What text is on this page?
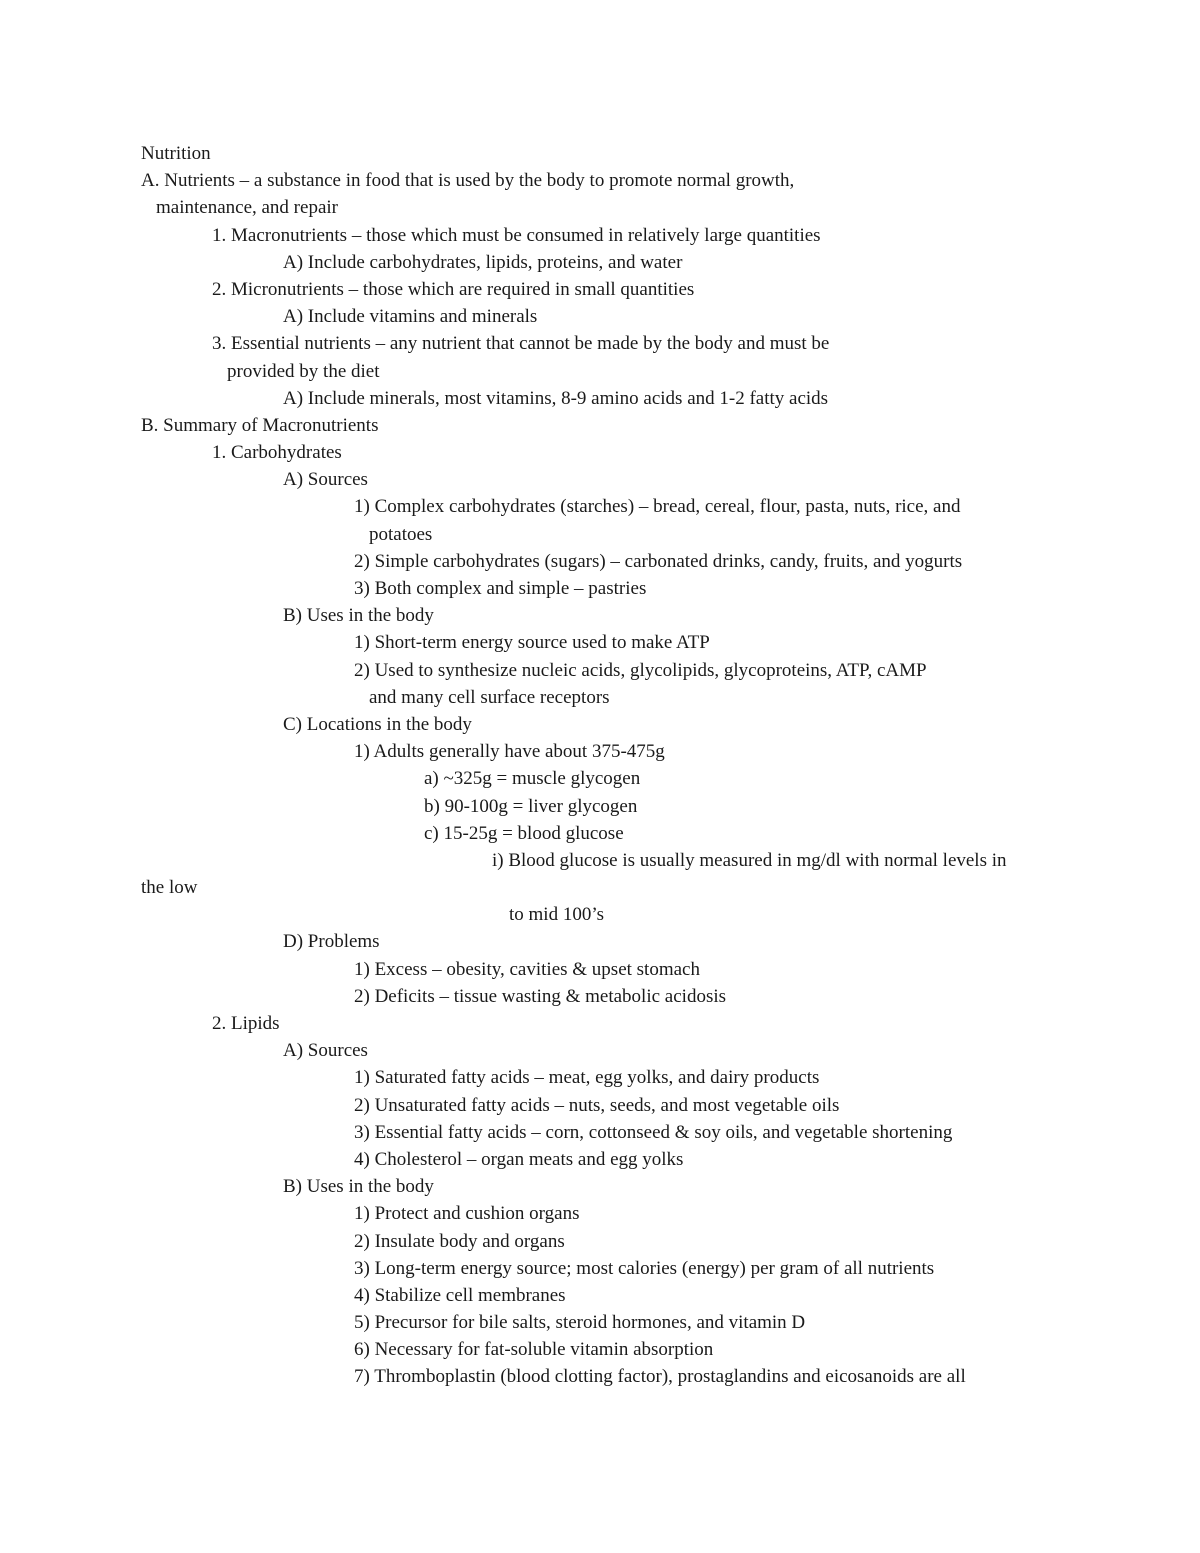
Nutrition
A. Nutrients – a substance in food that is used by the body to promote normal growth,
maintenance, and repair
1. Macronutrients – those which must be consumed in relatively large quantities
A) Include carbohydrates, lipids, proteins, and water
2. Micronutrients – those which are required in small quantities
A) Include vitamins and minerals
3. Essential nutrients – any nutrient that cannot be made by the body and must be
provided by the diet
A) Include minerals, most vitamins, 8-9 amino acids and 1-2 fatty acids
B. Summary of Macronutrients
1. Carbohydrates
A) Sources
1) Complex carbohydrates (starches) – bread, cereal, flour, pasta, nuts, rice, and
potatoes
2) Simple carbohydrates (sugars) – carbonated drinks, candy, fruits, and yogurts
3) Both complex and simple – pastries
B) Uses in the body
1) Short-term energy source used to make ATP
2) Used to synthesize nucleic acids, glycolipids, glycoproteins, ATP, cAMP
and many cell surface receptors
C) Locations in the body
1) Adults generally have about 375-475g
a) ~325g = muscle glycogen
b) 90-100g = liver glycogen
c) 15-25g = blood glucose
i) Blood glucose is usually measured in mg/dl with normal levels in
the low
to mid 100’s
D) Problems
1) Excess – obesity, cavities & upset stomach
2) Deficits – tissue wasting & metabolic acidosis
2. Lipids
A) Sources
1) Saturated fatty acids – meat, egg yolks, and dairy products
2) Unsaturated fatty acids – nuts, seeds, and most vegetable oils
3) Essential fatty acids – corn, cottonseed & soy oils, and vegetable shortening
4) Cholesterol – organ meats and egg yolks
B) Uses in the body
1) Protect and cushion organs
2) Insulate body and organs
3) Long-term energy source; most calories (energy) per gram of all nutrients
4) Stabilize cell membranes
5) Precursor for bile salts, steroid hormones, and vitamin D
6) Necessary for fat-soluble vitamin absorption
7) Thromboplastin (blood clotting factor), prostaglandins and eicosanoids are all
